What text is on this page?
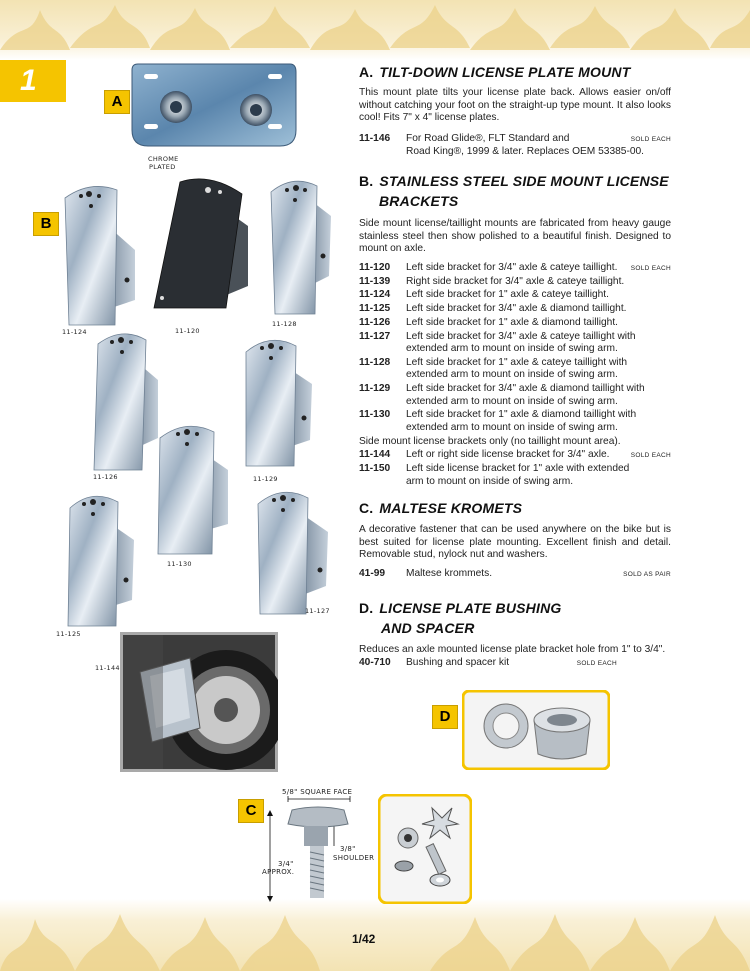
1
A
CHROME
PLATED
B
11-124	11-120
11-128
11-126	11-129
11-130
11-125
11-127
11-144
C
5/8" SQUARE FACE
3/8"
SHOULDER
3/4"
APPROX.
D
A. TILT-DOWN LICENSE PLATE MOUNT
This mount plate tilts your license plate back. Allows easier on/off without catching your foot on the straight-up type mount. It also looks cool! Fits 7" x 4" license plates.
11-146	For Road Glide®, FLT Standard and
Road King®, 1999 & later. Replaces OEM 53385-00.
SOLD EACH
B. STAINLESS STEEL SIDE MOUNT LICENSE
BRACKETS
Side mount license/taillight mounts are fabricated from heavy gauge stainless steel then show polished to a beautiful finish. Designed to mount on axle.
11-120	Left side bracket for 3/4" axle & cateye taillight.	SOLD EACH
11-139	Right side bracket for 3/4" axle & cateye taillight.
11-124	Left side bracket for 1" axle & cateye taillight.
11-125	Left side bracket for 3/4" axle & diamond taillight.
11-126	Left side bracket for 1" axle & diamond taillight.
11-127	Left side bracket for 3/4" axle & cateye taillight with
extended arm to mount on inside of swing arm.
11-128	Left side bracket for 1" axle & cateye taillight with
extended arm to mount on inside of swing arm.
11-129	Left side bracket for 3/4" axle & diamond taillight with
extended arm to mount on inside of swing arm.
11-130	Left side bracket for 1" axle & diamond taillight with
extended arm to mount on inside of swing arm.
Side mount license brackets only (no taillight mount area).
11-144	Left or right side license bracket for 3/4" axle.	SOLD EACH
11-150	Left side license bracket for 1" axle with extended
arm to mount on inside of swing arm.
C. MALTESE KROMETS
A decorative fastener that can be used anywhere on the bike but is best suited for license plate mounting. Excellent finish and detail. Removable stud, nylock nut and washers.
41-99	Maltese krommets.	SOLD AS PAIR
D. LICENSE PLATE BUSHING
AND SPACER
Reduces an axle mounted license plate bracket hole from 1" to 3/4".
40-710	Bushing and spacer kit	SOLD EACH
1/42
